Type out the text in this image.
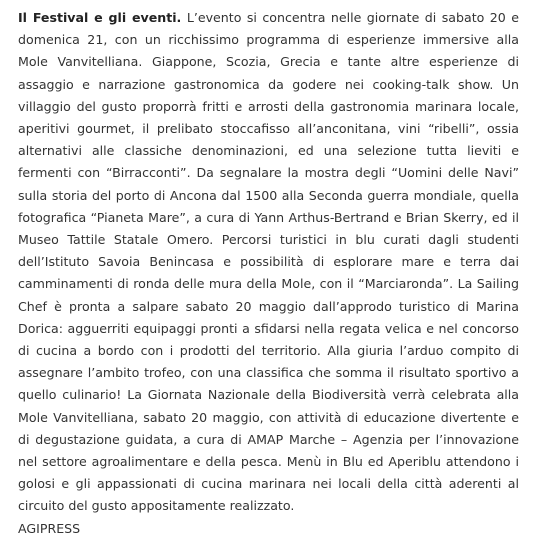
Il Festival e gli eventi. L’evento si concentra nelle giornate di sabato 20 e domenica 21, con un ricchissimo programma di esperienze immersive alla Mole Vanvitelliana. Giappone, Scozia, Grecia e tante altre esperienze di assaggio e narrazione gastronomica da godere nei cooking-talk show. Un villaggio del gusto proporrà fritti e arrosti della gastronomia marinara locale, aperitivi gourmet, il prelibato stoccafisso all’anconitana, vini “ribelli”, ossia alternativi alle classiche denominazioni, ed una selezione tutta lieviti e fermenti con “Birracconti”. Da segnalare la mostra degli “Uomini delle Navi” sulla storia del porto di Ancona dal 1500 alla Seconda guerra mondiale, quella fotografica “Pianeta Mare”, a cura di Yann Arthus-Bertrand e Brian Skerry, ed il Museo Tattile Statale Omero. Percorsi turistici in blu curati dagli studenti dell’Istituto Savoia Benincasa e possibilità di esplorare mare e terra dai camminamenti di ronda delle mura della Mole, con il “Marciaronda”. La Sailing Chef è pronta a salpare sabato 20 maggio dall’approdo turistico di Marina Dorica: agguerriti equipaggi pronti a sfidarsi nella regata velica e nel concorso di cucina a bordo con i prodotti del territorio. Alla giuria l’arduo compito di assegnare l’ambito trofeo, con una classifica che somma il risultato sportivo a quello culinario! La Giornata Nazionale della Biodiversità verrà celebrata alla Mole Vanvitelliana, sabato 20 maggio, con attività di educazione divertente e di degustazione guidata, a cura di AMAP Marche – Agenzia per l’innovazione nel settore agroalimentare e della pesca. Menù in Blu ed Aperiblu attendono i golosi e gli appassionati di cucina marinara nei locali della città aderenti al circuito del gusto appositamente realizzato.
AGIPRESS
